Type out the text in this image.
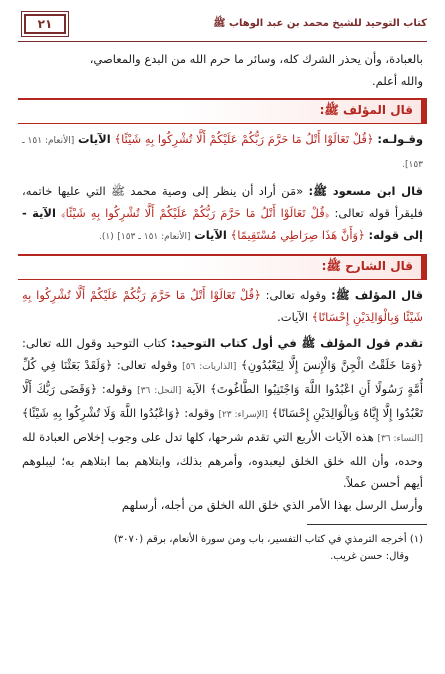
كتاب التوحيد للشيخ محمد بن عبد الوهاب ﷺ
٢١
بالعبادة، وأن يحذر الشرك كله، وسائر ما حرم الله من البدع والمعاصي،
والله أعلم.
قال المؤلف ﷺ:
وقـولـه: ﴿قُلْ تَعَالَوْا أَتْلُ مَا حَرَّمَ رَبُّكُمْ عَلَيْكُمْ أَلَّا تُشْرِكُوا بِهِ شَيْئًا﴾ الآيات [الأنعام: ١٥١ ـ ١٥٣].
قال ابن مسعود ﷺ: «مَن أراد أن ينظر إلى وصية محمد ﷺ التي عليها خاتمه، فليقرأ قوله تعالى: ﴿قُلْ تَعَالَوْا أَتْلُ مَا حَرَّمَ رَبُّكُمْ عَلَيْكُمْ أَلَّا تُشْرِكُوا بِهِ شَيْئًا﴾ الآية - إلى قوله: ﴿وَأَنَّ هَذَا صِرَاطِي مُسْتَقِيمًا﴾ الآيات [الأنعام: ١٥١ ـ ١٥٣] (١).
قال الشارح ﷺ:
قال المؤلف ﷺ: وقوله تعالى: ﴿قُلْ تَعَالَوْا أَتْلُ مَا حَرَّمَ رَبُّكُمْ عَلَيْكُمْ أَلَّا تُشْرِكُوا بِهِ شَيْئًا وَبِالْوَالِدَيْنِ إِحْسَانًا﴾ الآيات.
تقدم قول المؤلف ﷺ في أول كتاب التوحيد: كتاب التوحيد وقول الله تعالى: ﴿وَمَا خَلَقْتُ الْجِنَّ وَالْإِنسَ إِلَّا لِيَعْبُدُونِ﴾ [الذاريات: ٥٦] وقوله تعالى: ﴿وَلَقَدْ بَعَثْنَا فِي كُلِّ أُمَّةٍ رَسُولًا أَنِ اعْبُدُوا اللَّهَ وَاجْتَنِبُوا الطَّاغُوتَ﴾ الآية [النحل: ٣٦] وقوله: ﴿وَقَضَى رَبُّكَ أَلَّا تَعْبُدُوا إِلَّا إِيَّاهُ وَبِالْوَالِدَيْنِ إِحْسَانًا﴾ [الإسراء: ٢٣] وقوله: ﴿وَاعْبُدُوا اللَّهَ وَلَا تُشْرِكُوا بِهِ شَيْئًا﴾ [النساء: ٣٦] هذه الآيات الأربع التي تقدم شرحها، كلها تدل على وجوب إخلاص العبادة لله وحده، وأن الله خلق الخلق ليعبدوه، وأمرهم بذلك، وابتلاهم بما ابتلاهم به؛ ليبلوهم أيهم أحسن عملاً.
وأرسل الرسل بهذا الأمر الذي خلق الله الخلق من أجله، أرسلهم
(١) أخرجه الترمذي في كتاب التفسير، باب ومن سورة الأنعام، برقم (٣٠٧٠)
وقال: حسن غريب.
